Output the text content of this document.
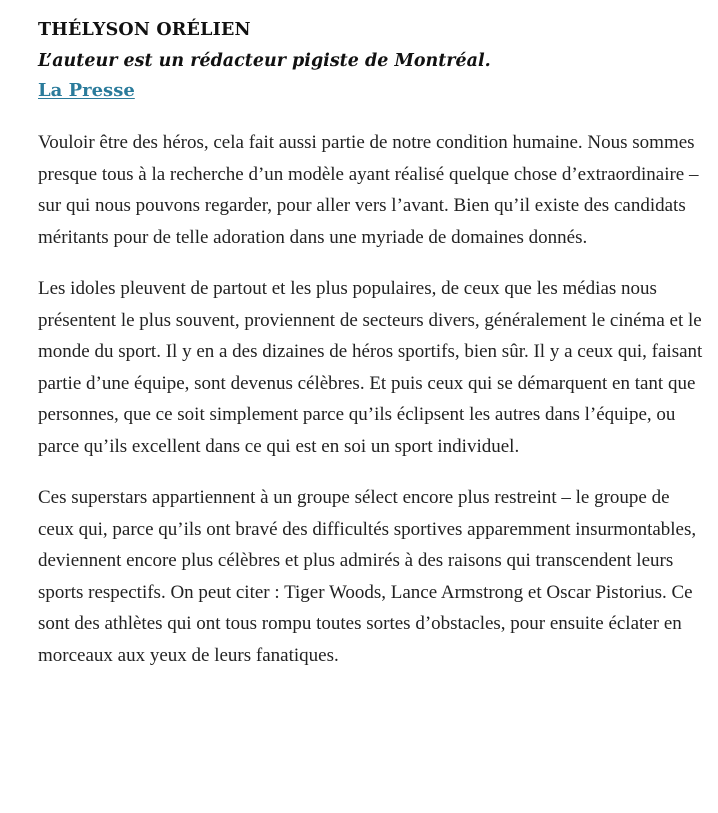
THÉLYSON ORÉLIEN

L’auteur est un rédacteur pigiste de Montréal.

La Presse

Vouloir être des héros, cela fait aussi partie de notre condition humaine. Nous sommes presque tous à la recherche d’un modèle ayant réalisé quelque chose d’extraordinaire – sur qui nous pouvons regarder, pour aller vers l’avant. Bien qu’il existe des candidats méritants pour de telle adoration dans une myriade de domaines donnés.

Les idoles pleuvent de partout et les plus populaires, de ceux que les médias nous présentent le plus souvent, proviennent de secteurs divers, généralement le cinéma et le monde du sport. Il y en a des dizaines de héros sportifs, bien sûr. Il y a ceux qui, faisant partie d’une équipe, sont devenus célèbres. Et puis ceux qui se démarquent en tant que personnes, que ce soit simplement parce qu’ils éclipsent les autres dans l’équipe, ou parce qu’ils excellent dans ce qui est en soi un sport individuel.

Ces superstars appartiennent à un groupe sélect encore plus restreint – le groupe de ceux qui, parce qu’ils ont bravé des difficultés sportives apparemment insurmontables, deviennent encore plus célèbres et plus admirés à des raisons qui transcendent leurs sports respectifs. On peut citer : Tiger Woods, Lance Armstrong et Oscar Pistorius. Ce sont des athlètes qui ont tous rompu toutes sortes d’obstacles, pour ensuite éclater en morceaux aux yeux de leurs fanatiques.
